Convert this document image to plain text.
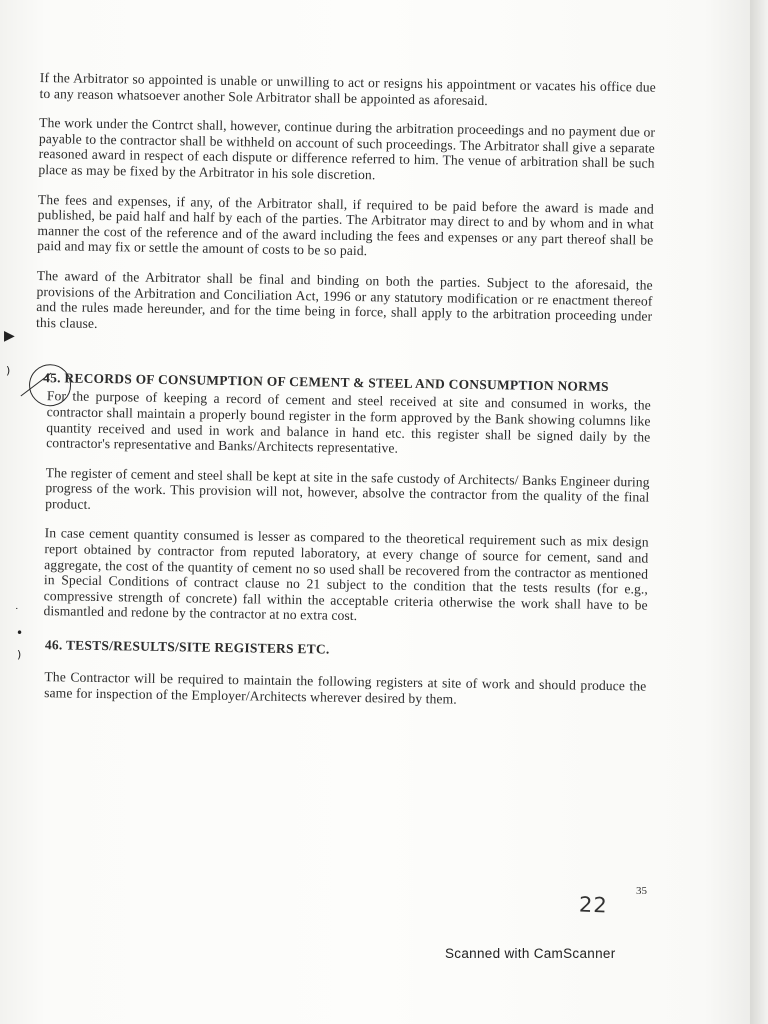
If the Arbitrator so appointed is unable or unwilling to act or resigns his appointment or vacates his office due to any reason whatsoever another Sole Arbitrator shall be appointed as aforesaid.

The work under the Contrct shall, however, continue during the arbitration proceedings and no payment due or payable to the contractor shall be withheld on account of such proceedings. The Arbitrator shall give a separate reasoned award in respect of each dispute or difference referred to him. The venue of arbitration shall be such place as may be fixed by the Arbitrator in his sole discretion.

The fees and expenses, if any, of the Arbitrator shall, if required to be paid before the award is made and published, be paid half and half by each of the parties. The Arbitrator may direct to and by whom and in what manner the cost of the reference and of the award including the fees and expenses or any part thereof shall be paid and may fix or settle the amount of costs to be so paid.

The award of the Arbitrator shall be final and binding on both the parties. Subject to the aforesaid, the provisions of the Arbitration and Conciliation Act, 1996 or any statutory modification or re enactment thereof and the rules made hereunder, and for the time being in force, shall apply to the arbitration proceeding under this clause.

45. RECORDS OF CONSUMPTION OF CEMENT & STEEL AND CONSUMPTION NORMS

For the purpose of keeping a record of cement and steel received at site and consumed in works, the contractor shall maintain a properly bound register in the form approved by the Bank showing columns like quantity received and used in work and balance in hand etc. this register shall be signed daily by the contractor's representative and Banks/Architects representative.

The register of cement and steel shall be kept at site in the safe custody of Architects/ Banks Engineer during progress of the work. This provision will not, however, absolve the contractor from the quality of the final product.

In case cement quantity consumed is lesser as compared to the theoretical requirement such as mix design report obtained by contractor from reputed laboratory, at every change of source for cement, sand and aggregate, the cost of the quantity of cement no so used shall be recovered from the contractor as mentioned in Special Conditions of contract clause no 21 subject to the condition that the tests results (for e.g., compressive strength of concrete) fall within the acceptable criteria otherwise the work shall have to be dismantled and redone by the contractor at no extra cost.

46. TESTS/RESULTS/SITE REGISTERS ETC.

The Contractor will be required to maintain the following registers at site of work and should produce the same for inspection of the Employer/Architects wherever desired by them.

22
35
Scanned with CamScanner
▶
)
˙
•
)
